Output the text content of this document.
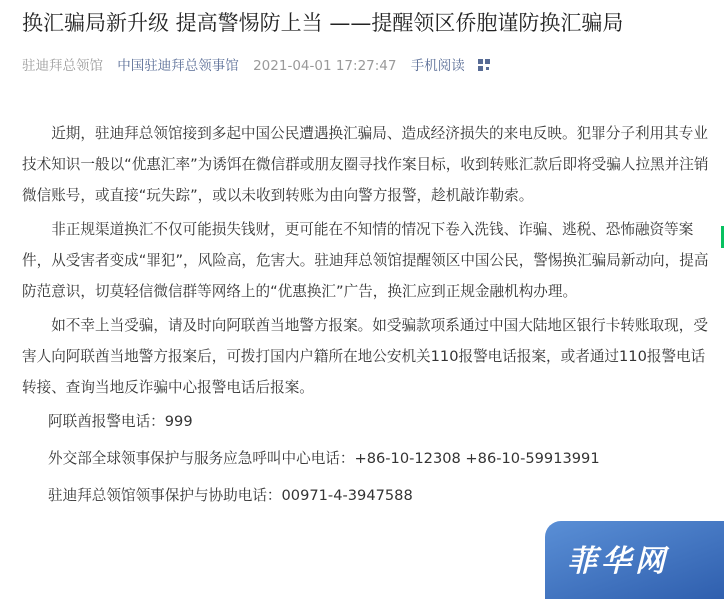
换汇骗局新升级 提高警惕防上当 ——提醒领区侨胞谨防换汇骗局
驻迪拜总领馆 中国驻迪拜总领事馆 2021-04-01 17:27:47 手机阅读

近期，驻迪拜总领馆接到多起中国公民遭遇换汇骗局、造成经济损失的来电反映。犯罪分子利用其专业技术知识一般以“优惠汇率”为诱饵在微信群或朋友圈寻找作案目标，收到转账汇款后即将受骗人拉黑并注销微信账号，或直接“玩失踪”，或以未收到转账为由向警方报警，趁机敲诈勒索。

非正规渠道换汇不仅可能损失钱财，更可能在不知情的情况下卷入洗钱、诈骗、逃税、恐怖融资等案件，从受害者变成“罪犯”，风险高，危害大。驻迪拜总领馆提醒领区中国公民，警惕换汇骗局新动向，提高防范意识，切莫轻信微信群等网络上的“优惠换汇”广告，换汇应到正规金融机构办理。

如不幸上当受骗，请及时向阿联酋当地警方报案。如受骗款项系通过中国大陆地区银行卡转账取现，受害人向阿联酋当地警方报案后，可拨打国内户籍所在地公安机关110报警电话报案，或者通过110报警电话转接、查询当地反诈骗中心报警电话后报案。

阿联酋报警电话：999

外交部全球领事保护与服务应急呼叫中心电话：+86-10-12308 +86-10-59913991

驻迪拜总领馆领事保护与协助电话：00971-4-3947588

菲华网
